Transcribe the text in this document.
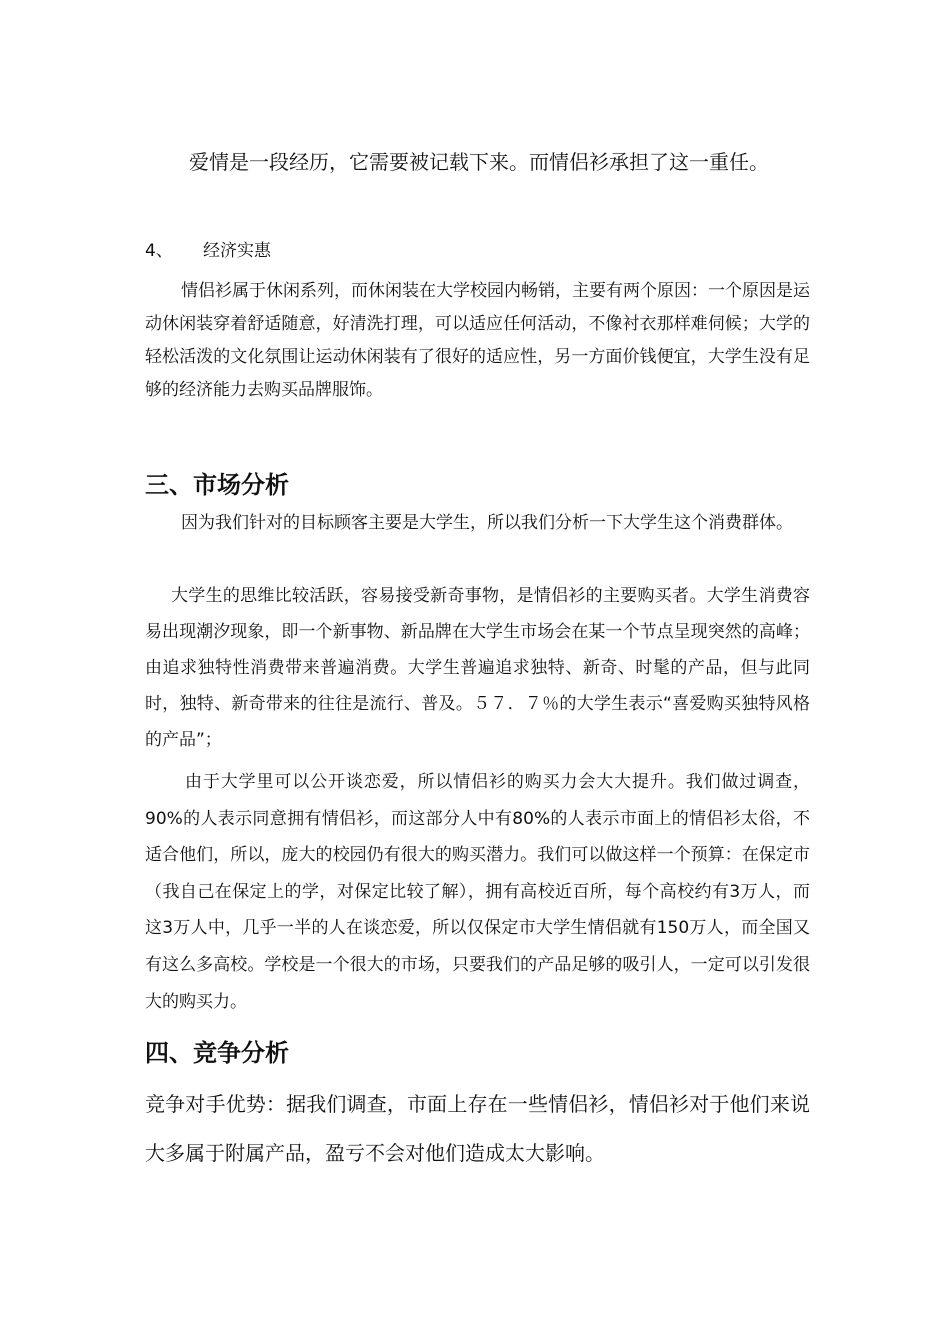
爱情是一段经历，它需要被记载下来。而情侣衫承担了这一重任。

4、 经济实惠

情侣衫属于休闲系列，而休闲装在大学校园内畅销，主要有两个原因：一个原因是运动休闲装穿着舒适随意，好清洗打理，可以适应任何活动，不像衬衣那样难伺候；大学的轻松活泼的文化氛围让运动休闲装有了很好的适应性，另一方面价钱便宜，大学生没有足够的经济能力去购买品牌服饰。

三、市场分析

因为我们针对的目标顾客主要是大学生，所以我们分析一下大学生这个消费群体。

大学生的思维比较活跃，容易接受新奇事物，是情侣衫的主要购买者。大学生消费容易出现潮汐现象，即一个新事物、新品牌在大学生市场会在某一个节点呈现突然的高峰；由追求独特性消费带来普遍消费。大学生普遍追求独特、新奇、时髦的产品，但与此同时，独特、新奇带来的往往是流行、普及。５７．７％的大学生表示“喜爱购买独特风格的产品”；

由于大学里可以公开谈恋爱，所以情侣衫的购买力会大大提升。我们做过调查，90%的人表示同意拥有情侣衫，而这部分人中有80%的人表示市面上的情侣衫太俗，不适合他们，所以，庞大的校园仍有很大的购买潜力。我们可以做这样一个预算：在保定市（我自己在保定上的学，对保定比较了解），拥有高校近百所，每个高校约有3万人，而这3万人中，几乎一半的人在谈恋爱，所以仅保定市大学生情侣就有150万人，而全国又有这么多高校。学校是一个很大的市场，只要我们的产品足够的吸引人，一定可以引发很大的购买力。

四、竞争分析

竞争对手优势：据我们调查，市面上存在一些情侣衫，情侣衫对于他们来说大多属于附属产品，盈亏不会对他们造成太大影响。
